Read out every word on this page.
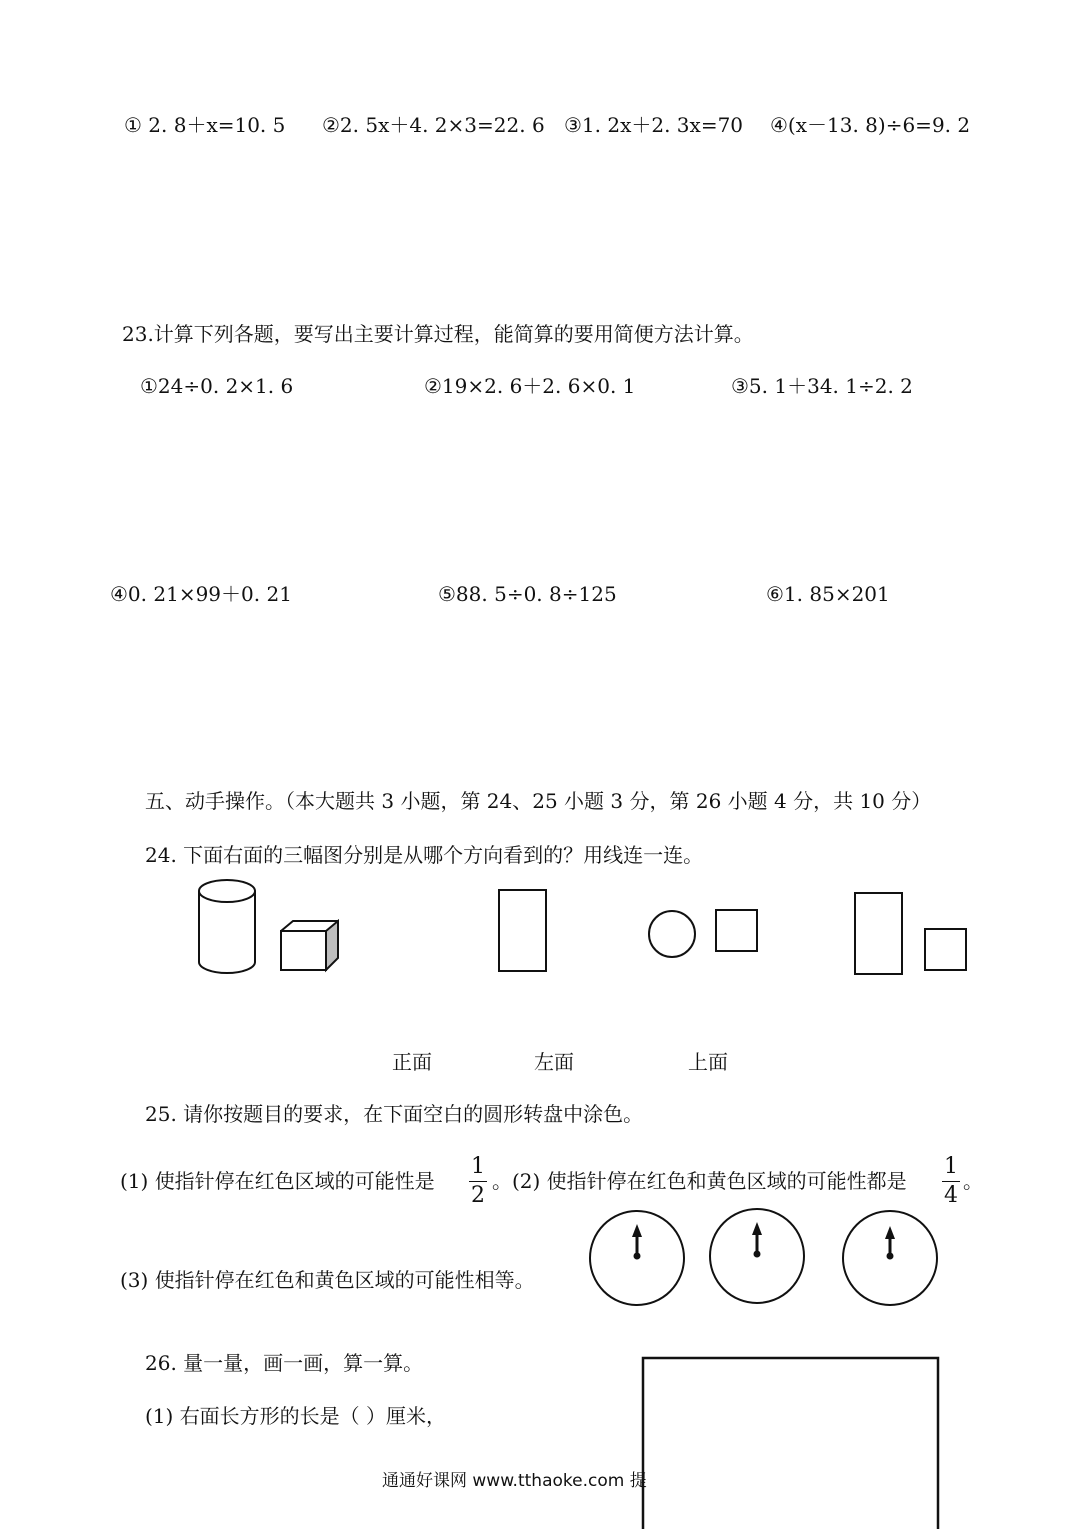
① 2. 8＋x=10. 5 ②2. 5x＋4. 2×3=22. 6 ③1. 2x＋2. 3x=70 ④(x－13. 8)÷6=9. 2
23.计算下列各题，要写出主要计算过程，能简算的要用简便方法计算。
①24÷0. 2×1. 6	②19×2. 6＋2. 6×0. 1	③5. 1＋34. 1÷2. 2
④0. 21×99＋0. 21	⑤88. 5÷0. 8÷125	⑥1. 85×201
五、动手操作。（本大题共 3 小题，第 24、25 小题 3 分，第 26 小题 4 分，共 10 分）
24. 下面右面的三幅图分别是从哪个方向看到的？用线连一连。
正面	左面	上面
25. 请你按题目的要求，在下面空白的圆形转盘中涂色。
(1) 使指针停在红色区域的可能性是
1
2
。(2) 使指针停在红色和黄色区域的可能性都是
1
4
。
(3) 使指针停在红色和黄色区域的可能性相等。
26. 量一量，画一画，算一算。
(1) 右面长方形的长是（ ）厘米，
通通好课网 www.tthaoke.com 提
